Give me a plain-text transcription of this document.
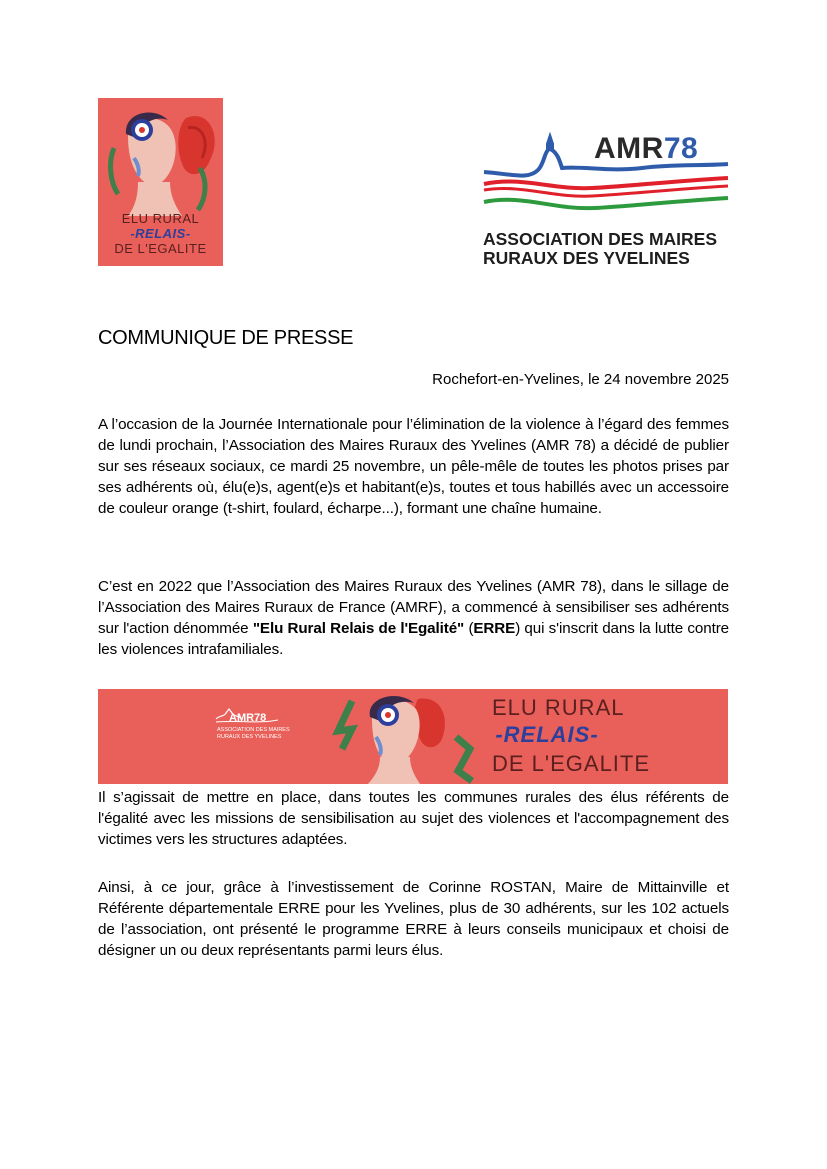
ELU RURAL
-RELAIS-
DE L'EGALITE
AMR78
ASSOCIATION DES MAIRES
RURAUX DES YVELINES
COMMUNIQUE DE PRESSE
Rochefort-en-Yvelines, le 24 novembre 2025

A l’occasion de la Journée Internationale pour l’élimination de la violence à l’égard des femmes de lundi prochain, l’Association des Maires Ruraux des Yvelines (AMR 78) a décidé de publier sur ses réseaux sociaux, ce mardi 25 novembre, un pêle-mêle de toutes les photos prises par ses adhérents où, élu(e)s, agent(e)s et habitant(e)s, toutes et tous habillés avec un accessoire de couleur orange (t-shirt, foulard, écharpe...), formant une chaîne humaine.

C’est en 2022 que l’Association des Maires Ruraux des Yvelines (AMR 78), dans le sillage de l’Association des Maires Ruraux de France (AMRF), a commencé à sensibiliser ses adhérents sur l'action dénommée "Elu Rural Relais de l'Egalité" (ERRE) qui s'inscrit dans la lutte contre les violences intrafamiliales.

AMR78
ASSOCIATION DES MAIRES
RURAUX DES YVELINES
ELU RURAL
-RELAIS-
DE L'EGALITE

Il s’agissait de mettre en place, dans toutes les communes rurales des élus référents de l'égalité avec les missions de sensibilisation au sujet des violences et l'accompagnement des victimes vers les structures adaptées.

Ainsi, à ce jour, grâce à l’investissement de Corinne ROSTAN, Maire de Mittainville et Référente départementale ERRE pour les Yvelines, plus de 30 adhérents, sur les 102 actuels de l’association, ont présenté le programme ERRE à leurs conseils municipaux et choisi de désigner un ou deux représentants parmi leurs élus.
